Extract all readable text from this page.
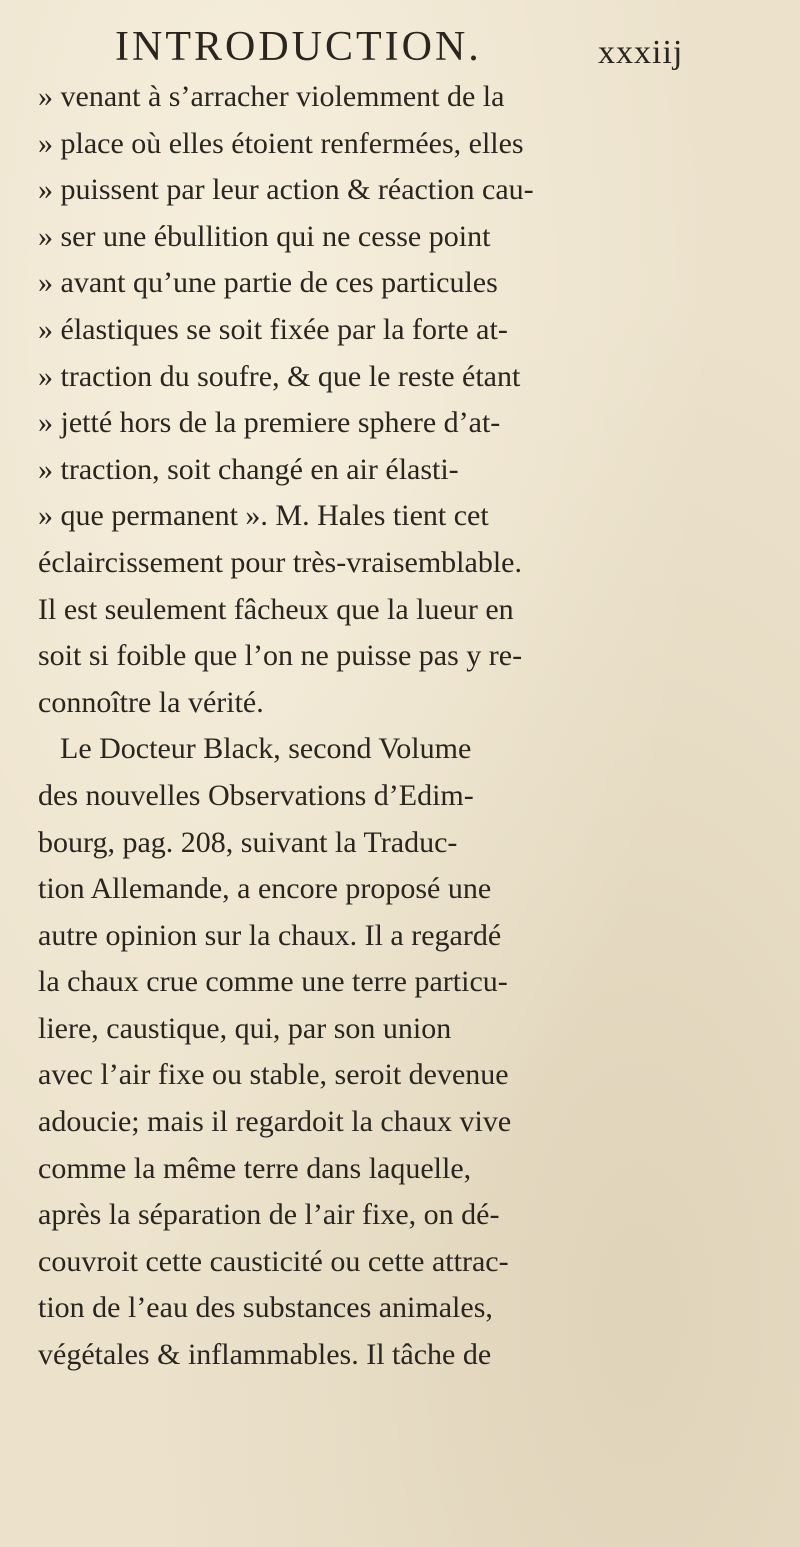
INTRODUCTION.	xxxiij
» venant à s’arracher violemment de la
» place où elles étoient renfermées, elles
» puissent par leur action & réaction cau-
» ser une ébullition qui ne cesse point
» avant qu’une partie de ces particules
» élastiques se soit fixée par la forte at-
» traction du soufre, & que le reste étant
» jetté hors de la premiere sphere d’at-
» traction, soit changé en air élasti-
» que permanent ». M. Hales tient cet
éclaircissement pour très-vraisemblable.
Il est seulement fâcheux que la lueur en
soit si foible que l’on ne puisse pas y re-
connoître la vérité.
Le Docteur Black, second Volume
des nouvelles Observations d’Edim-
bourg, pag. 208, suivant la Traduc-
tion Allemande, a encore proposé une
autre opinion sur la chaux. Il a regardé
la chaux crue comme une terre particu-
liere, caustique, qui, par son union
avec l’air fixe ou stable, seroit devenue
adoucie; mais il regardoit la chaux vive
comme la même terre dans laquelle,
après la séparation de l’air fixe, on dé-
couvroit cette causticité ou cette attrac-
tion de l’eau des substances animales,
végétales & inflammables. Il tâche de
